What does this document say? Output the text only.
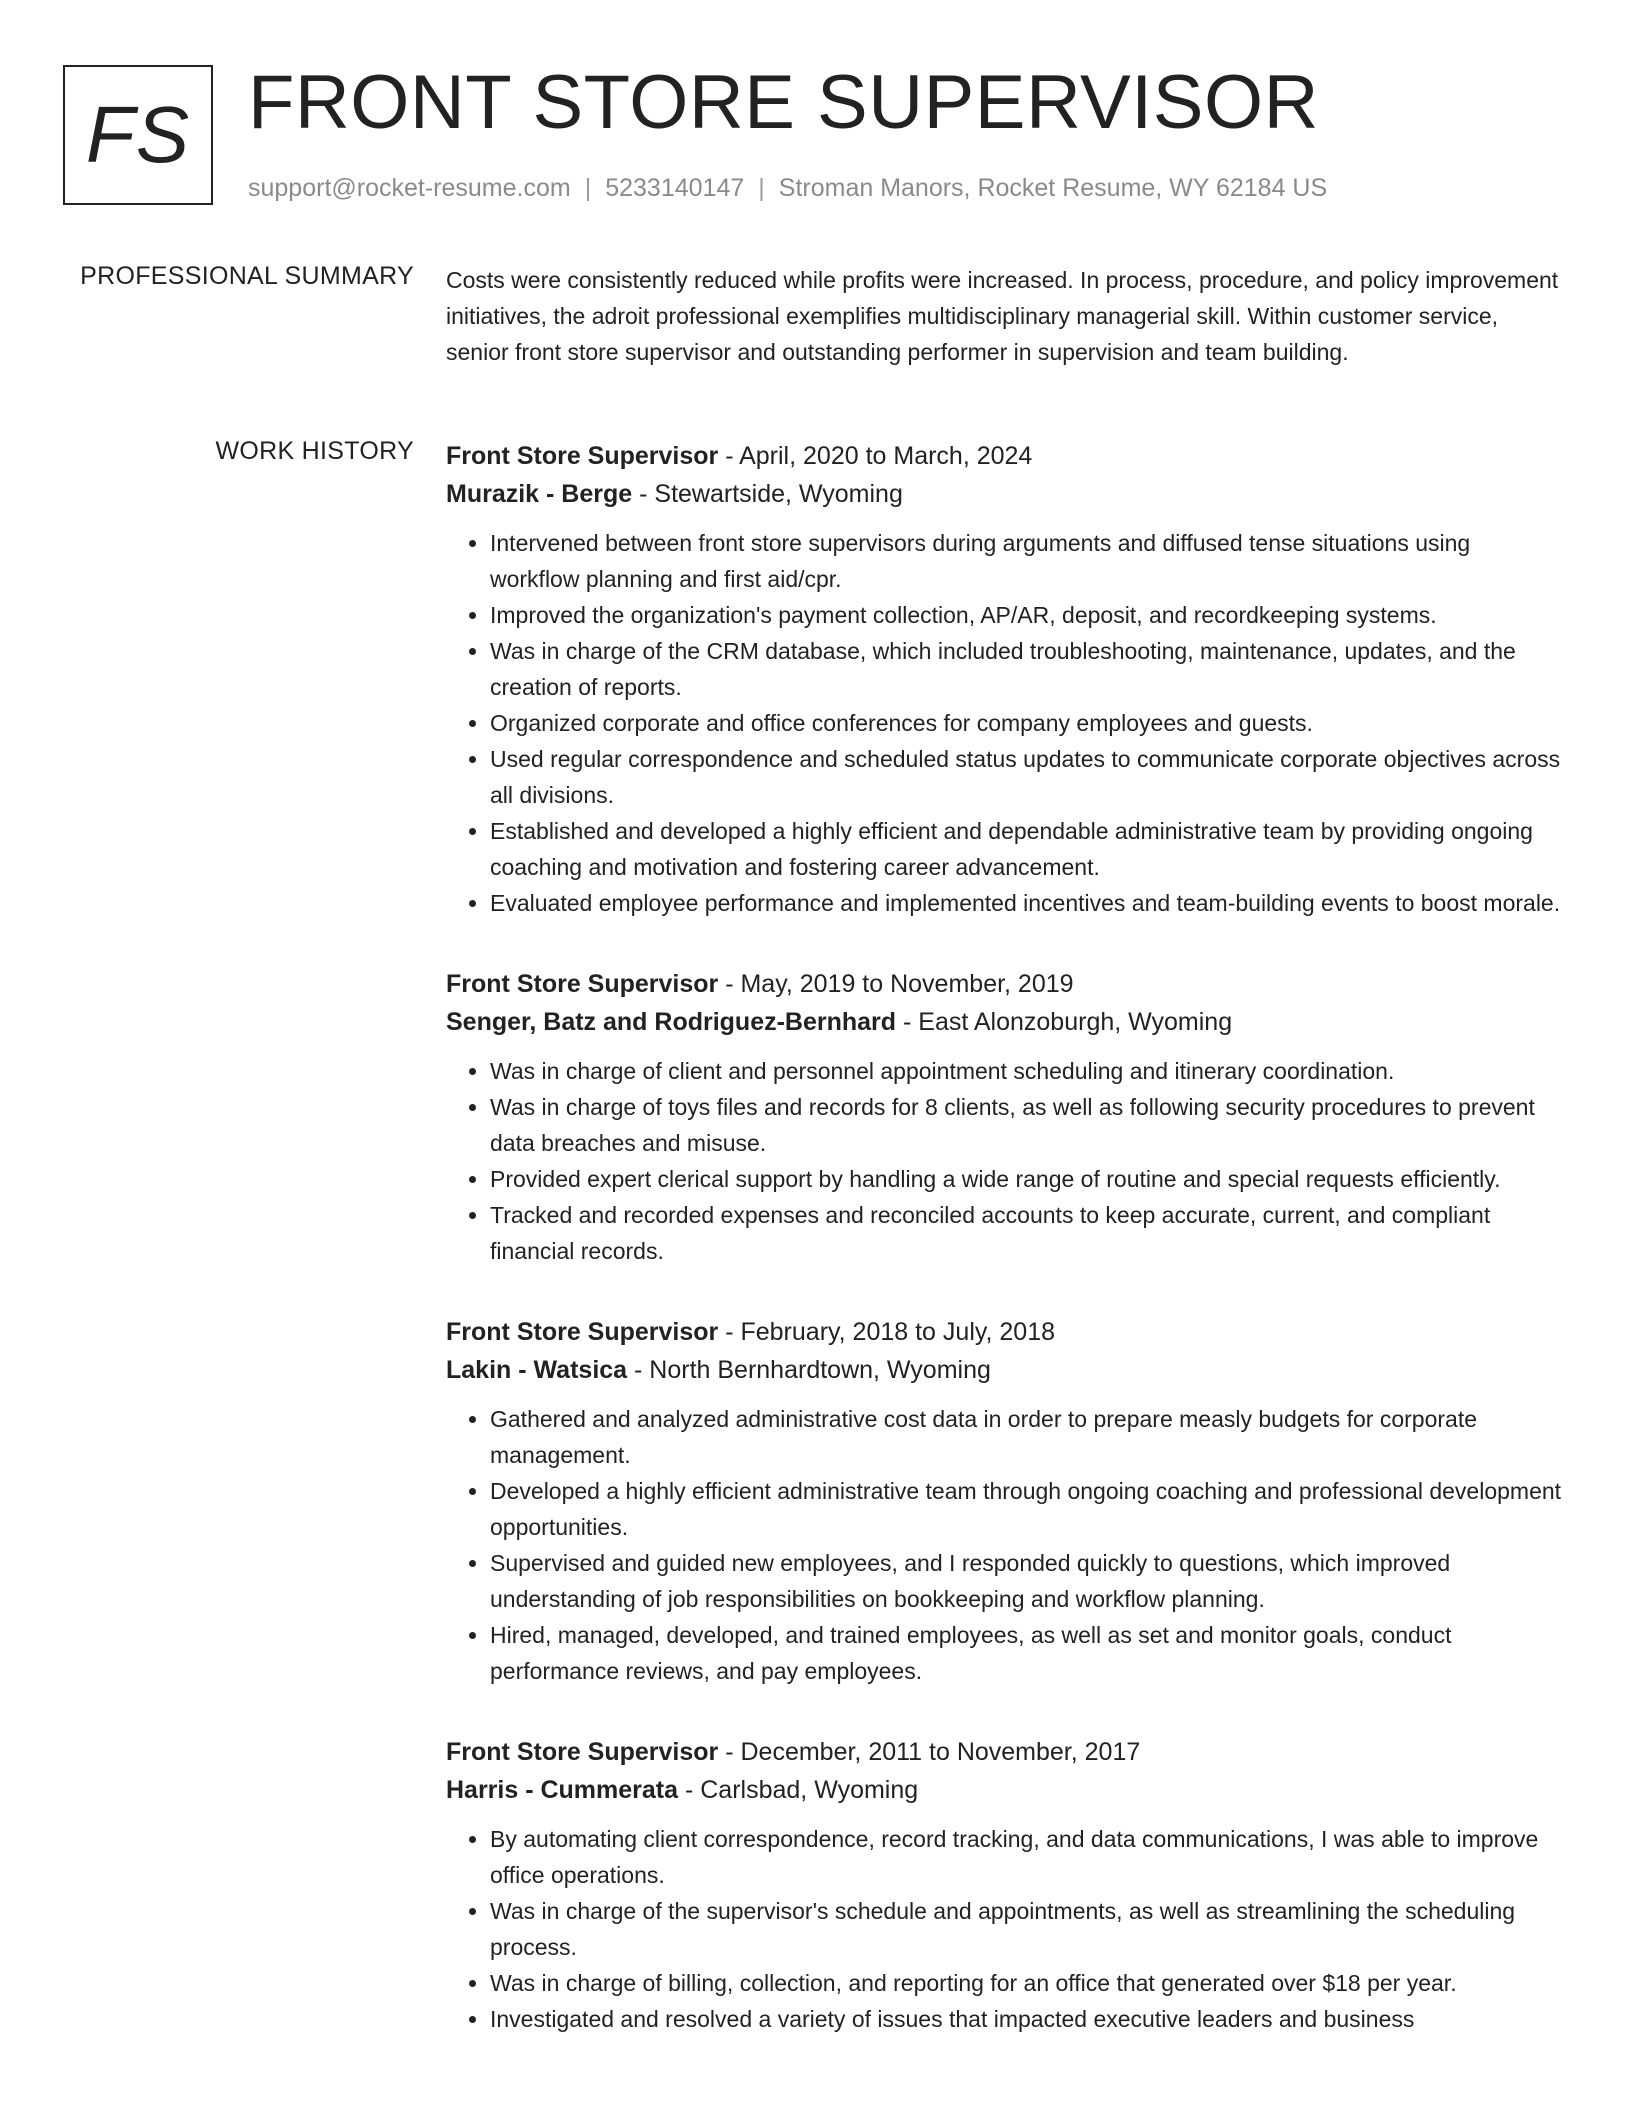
FS FRONT STORE SUPERVISOR
support@rocket-resume.com | 5233140147 | Stroman Manors, Rocket Resume, WY 62184 US
PROFESSIONAL SUMMARY Costs were consistently reduced while profits were increased. In process, procedure, and policy improvement initiatives, the adroit professional exemplifies multidisciplinary managerial skill. Within customer service, senior front store supervisor and outstanding performer in supervision and team building.

WORK HISTORY Front Store Supervisor - April, 2020 to March, 2024
Murazik - Berge - Stewartside, Wyoming
• Intervened between front store supervisors during arguments and diffused tense situations using workflow planning and first aid/cpr.
• Improved the organization's payment collection, AP/AR, deposit, and recordkeeping systems.
• Was in charge of the CRM database, which included troubleshooting, maintenance, updates, and the creation of reports.
• Organized corporate and office conferences for company employees and guests.
• Used regular correspondence and scheduled status updates to communicate corporate objectives across all divisions.
• Established and developed a highly efficient and dependable administrative team by providing ongoing coaching and motivation and fostering career advancement.
• Evaluated employee performance and implemented incentives and team-building events to boost morale.
Front Store Supervisor - May, 2019 to November, 2019
Senger, Batz and Rodriguez-Bernhard - East Alonzoburgh, Wyoming
• Was in charge of client and personnel appointment scheduling and itinerary coordination.
• Was in charge of toys files and records for 8 clients, as well as following security procedures to prevent data breaches and misuse.
• Provided expert clerical support by handling a wide range of routine and special requests efficiently.
• Tracked and recorded expenses and reconciled accounts to keep accurate, current, and compliant financial records.
Front Store Supervisor - February, 2018 to July, 2018
Lakin - Watsica - North Bernhardtown, Wyoming
• Gathered and analyzed administrative cost data in order to prepare measly budgets for corporate management.
• Developed a highly efficient administrative team through ongoing coaching and professional development opportunities.
• Supervised and guided new employees, and I responded quickly to questions, which improved understanding of job responsibilities on bookkeeping and workflow planning.
• Hired, managed, developed, and trained employees, as well as set and monitor goals, conduct performance reviews, and pay employees.
Front Store Supervisor - December, 2011 to November, 2017
Harris - Cummerata - Carlsbad, Wyoming
• By automating client correspondence, record tracking, and data communications, I was able to improve office operations.
• Was in charge of the supervisor's schedule and appointments, as well as streamlining the scheduling process.
• Was in charge of billing, collection, and reporting for an office that generated over $18 per year.
• Investigated and resolved a variety of issues that impacted executive leaders and business
